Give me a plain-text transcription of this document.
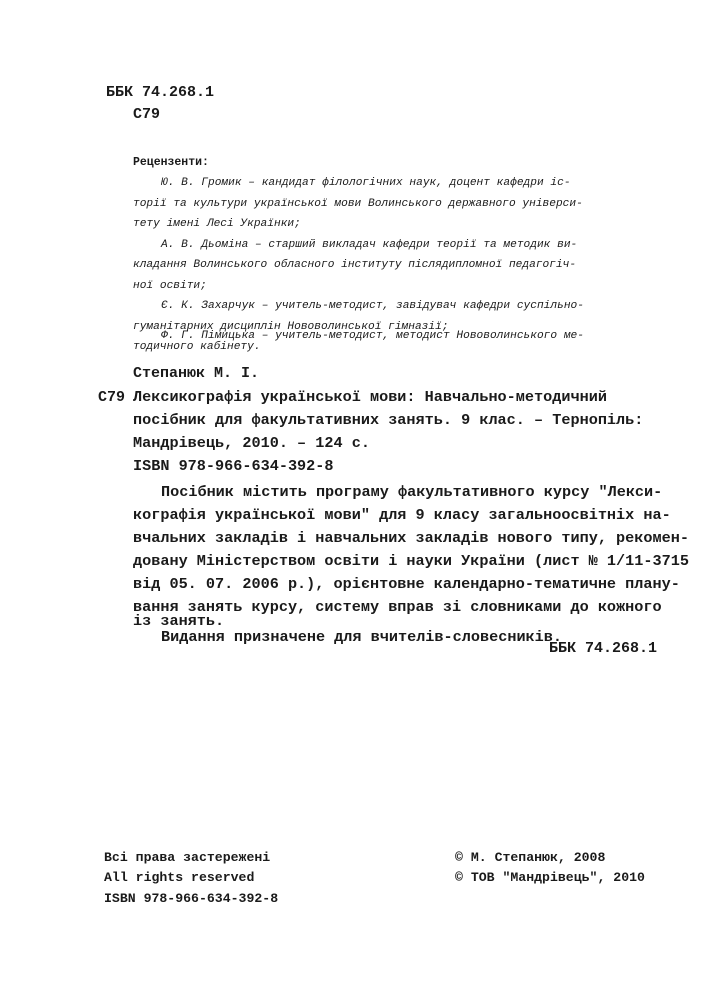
ББК 74.268.1
С79
Рецензенти:
Ю. В. Громик – кандидат філологічних наук, доцент кафедри іс-
торії та культури української мови Волинського державного універси-
тету імені Лесі Українки;
А. В. Дьоміна – старший викладач кафедри теорії та методик ви-
кладання Волинського обласного інституту післядипломної педагогіч-
ної освіти;
Є. К. Захарчук – учитель-методист, завідувач кафедри суспільно-
гуманітарних дисциплін Нововолинської гімназії;
Ф. Г. Пімицька – учитель-методист, методист Нововолинського ме-
тодичного кабінету.
Степанюк М. І.
С79 Лексикографія української мови: Навчально-методичний
посібник для факультативних занять. 9 клас. – Тернопіль:
Мандрівець, 2010. – 124 с.
ISBN 978-966-634-392-8
Посібник містить програму факультативного курсу "Лекси-
кографія української мови" для 9 класу загальноосвітніх на-
вчальних закладів і навчальних закладів нового типу, рекомен-
довану Міністерством освіти і науки України (лист № 1/11-3715
від 05. 07. 2006 р.), орієнтовне календарно-тематичне плану-
вання занять курсу, систему вправ зі словниками до кожного
із занять.
Видання призначене для вчителів-словесників.
ББК 74.268.1
Всі права застережені
All rights reserved
ISBN 978-966-634-392-8
© М. Степанюк, 2008
© ТОВ "Мандрівець", 2010
